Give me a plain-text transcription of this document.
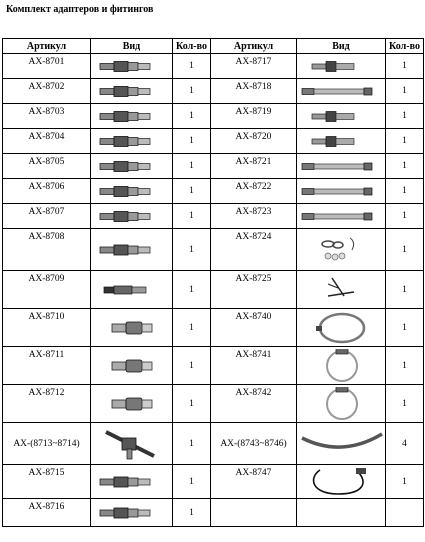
Комплект адаптеров и фитингов
Артикул	Вид	Кол-во	Артикул	Вид	Кол-во
AX-8701		1	AX-8717		1
AX-8702		1	AX-8718		1
AX-8703		1	AX-8719		1
AX-8704		1	AX-8720		1
AX-8705		1	AX-8721		1
AX-8706		1	AX-8722		1
AX-8707		1	AX-8723		1
AX-8708		1	AX-8724		1
AX-8709		1	AX-8725		1
AX-8710		1	AX-8740		1
AX-8711		1	AX-8741		1
AX-8712		1	AX-8742		1
AX-(8713~8714)		1	AX-(8743~8746)		4
AX-8715		1	AX-8747		1
AX-8716		1			
